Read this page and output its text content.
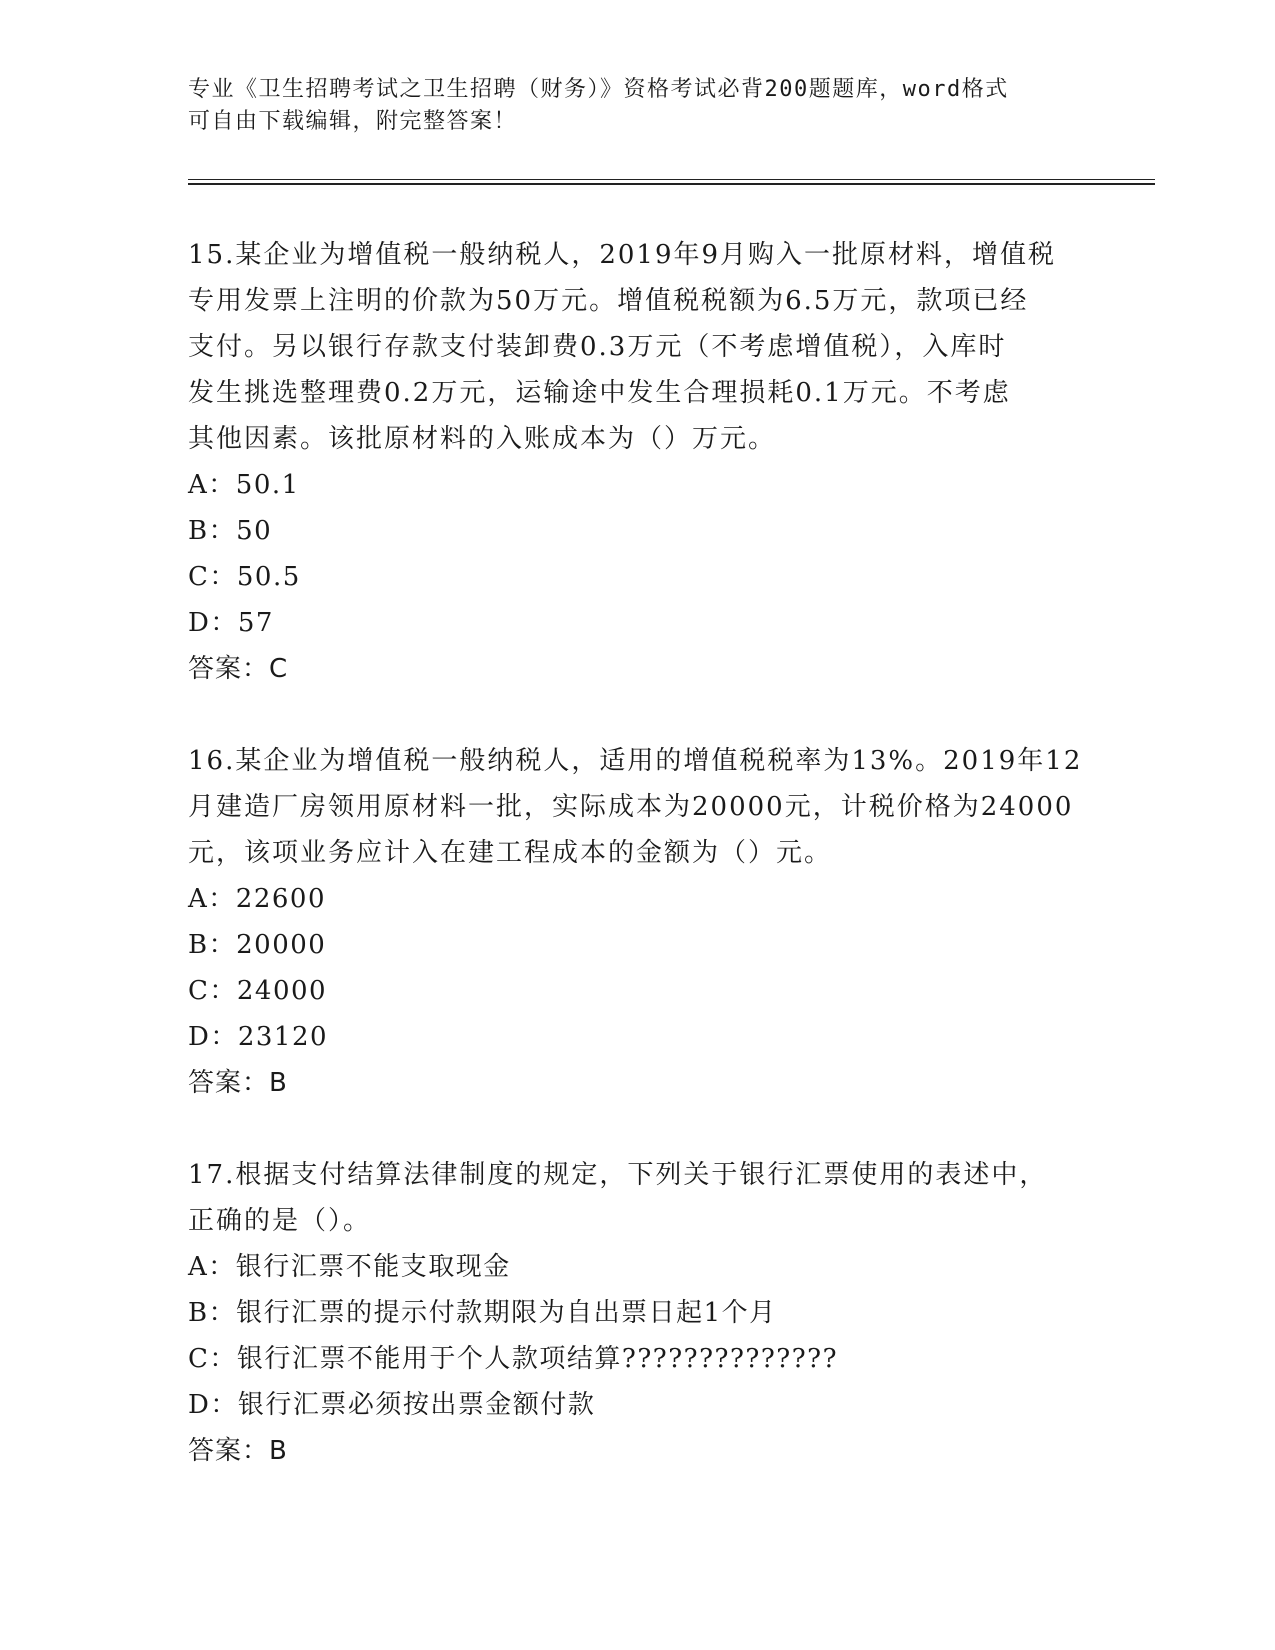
专业《卫生招聘考试之卫生招聘（财务）》资格考试必背200题题库，word格式
可自由下载编辑，附完整答案！

15.某企业为增值税一般纳税人，2019年9月购入一批原材料，增值税

专用发票上注明的价款为50万元。增值税税额为6.5万元，款项已经

支付。另以银行存款支付装卸费0.3万元（不考虑增值税），入库时

发生挑选整理费0.2万元，运输途中发生合理损耗0.1万元。不考虑

其他因素。该批原材料的入账成本为（）万元。

A：50.1

B：50

C：50.5

D：57

答案：C

16.某企业为增值税一般纳税人，适用的增值税税率为13%。2019年12

月建造厂房领用原材料一批，实际成本为20000元，计税价格为24000

元，该项业务应计入在建工程成本的金额为（）元。

A：22600

B：20000

C：24000

D：23120

答案：B

17.根据支付结算法律制度的规定，下列关于银行汇票使用的表述中，

正确的是（）。

A：银行汇票不能支取现金

B：银行汇票的提示付款期限为自出票日起1个月

C：银行汇票不能用于个人款项结算??????????????

D：银行汇票必须按出票金额付款

答案：B
